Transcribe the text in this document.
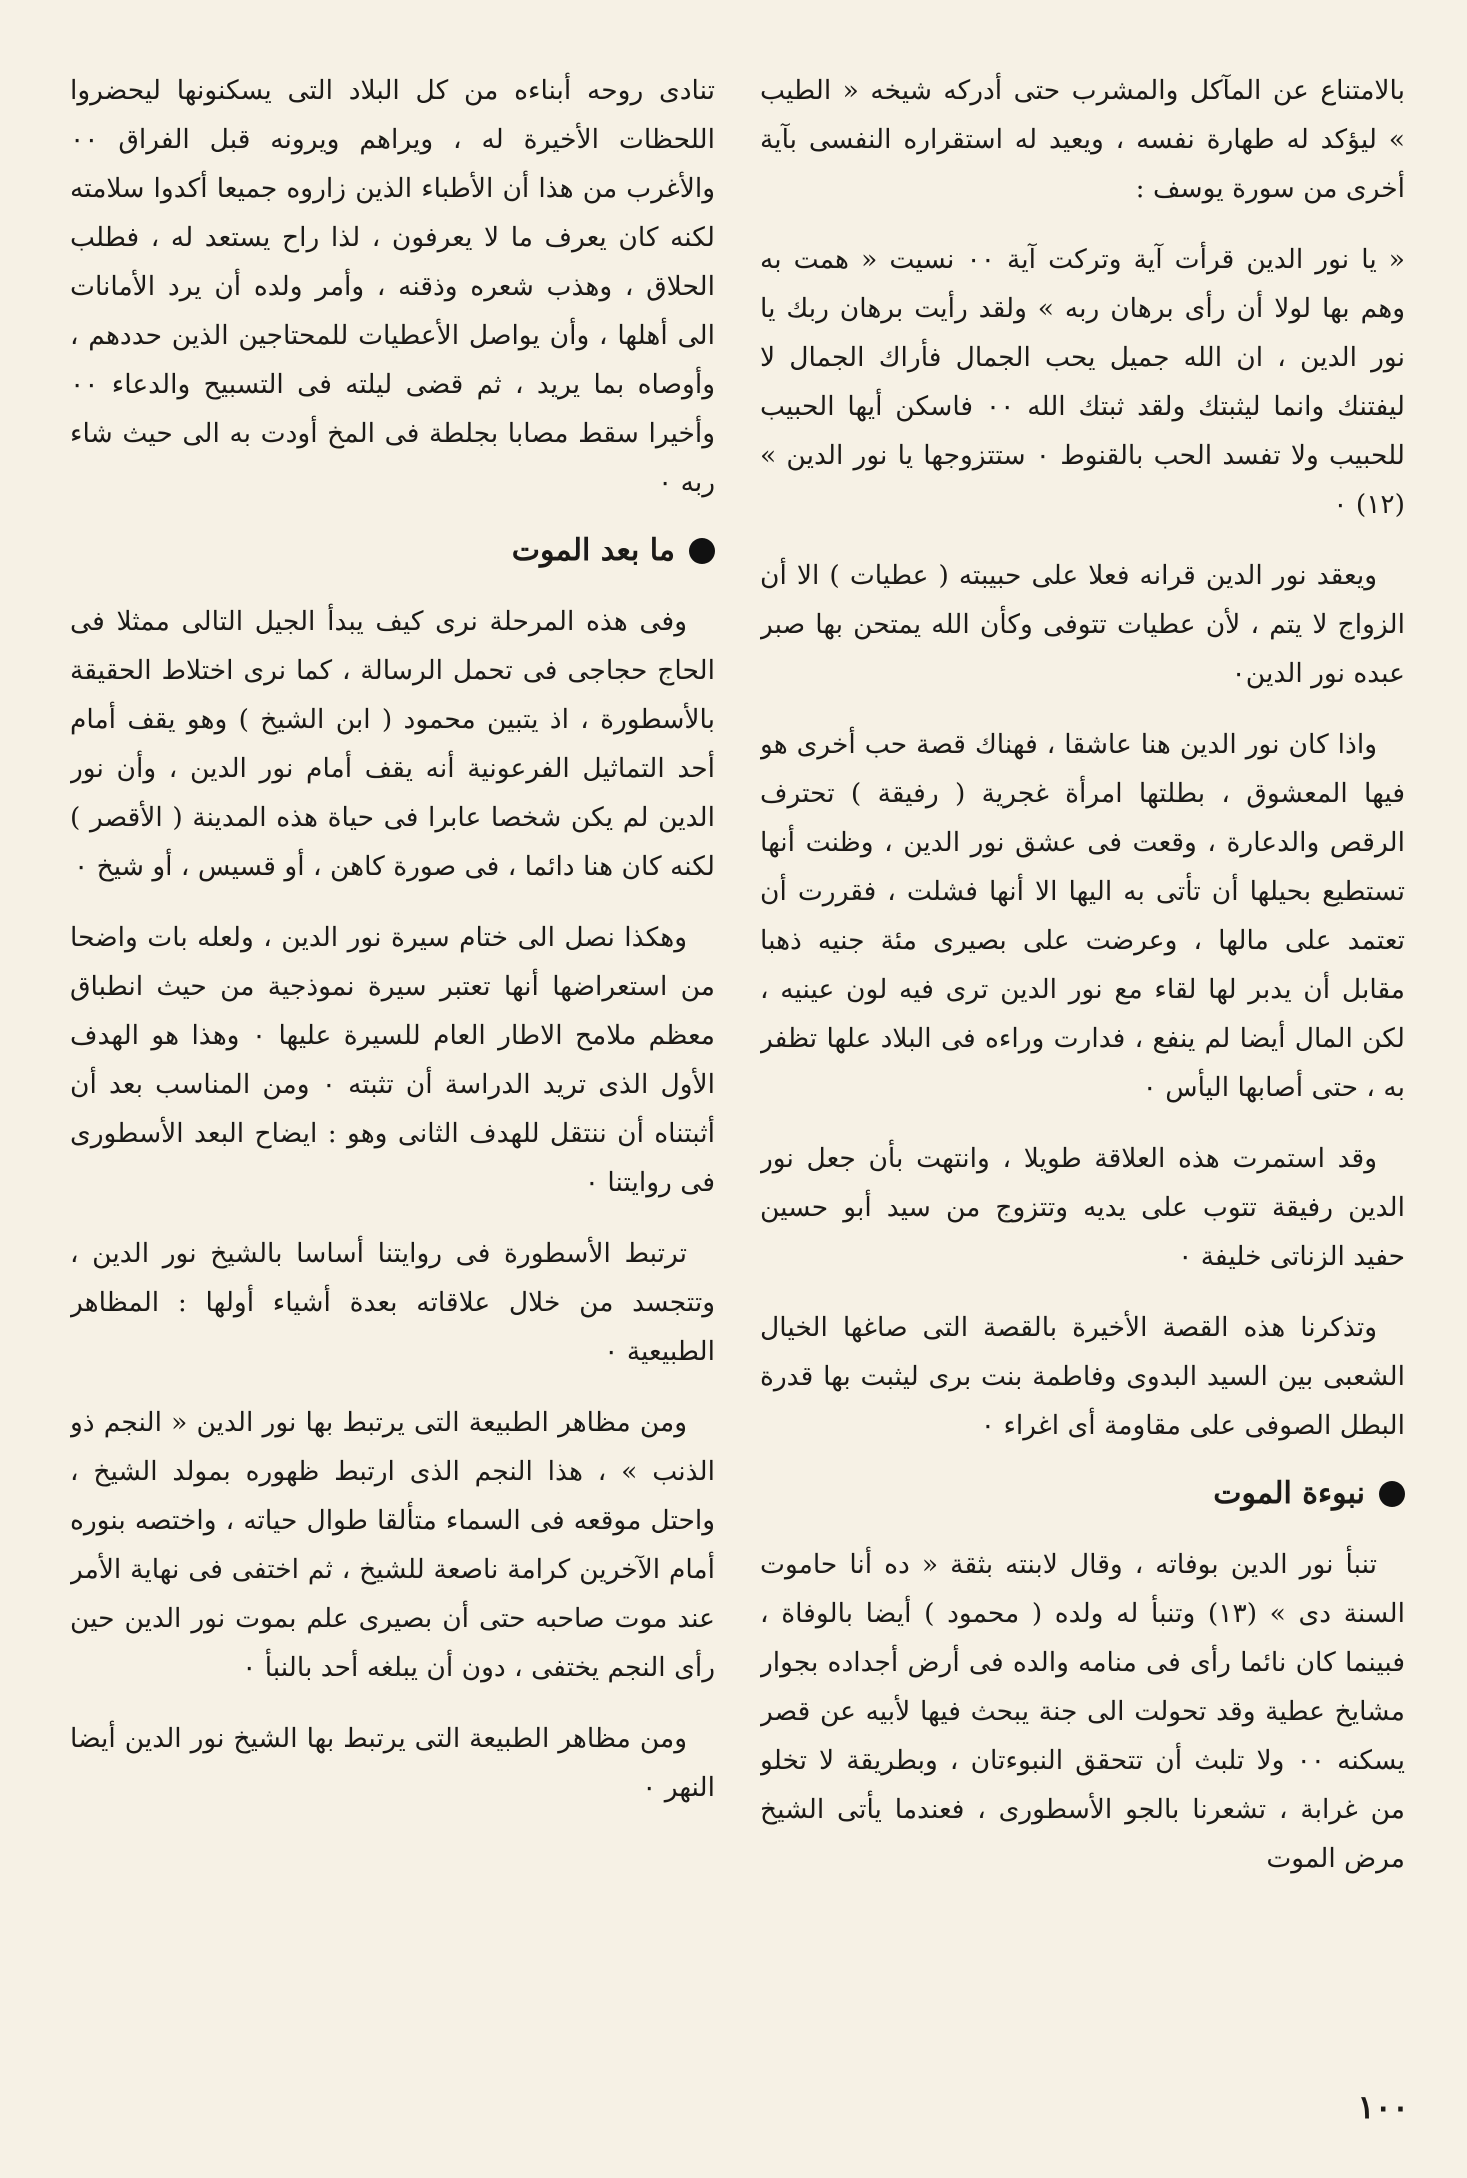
بالامتناع عن المآكل والمشرب حتى أدركه شيخه « الطيب » ليؤكد له طهارة نفسه ، ويعيد له استقراره النفسى بآية أخرى من سورة يوسف :

« يا نور الدين قرأت آية وتركت آية ٠٠ نسيت « همت به وهم بها لولا أن رأى برهان ربه » ولقد رأيت برهان ربك يا نور الدين ، ان الله جميل يحب الجمال فأراك الجمال لا ليفتنك وانما ليثبتك ولقد ثبتك الله ٠٠ فاسكن أيها الحبيب للحبيب ولا تفسد الحب بالقنوط ٠ ستتزوجها يا نور الدين » (١٢) ٠

ويعقد نور الدين قرانه فعلا على حبيبته ( عطيات ) الا أن الزواج لا يتم ، لأن عطيات تتوفى وكأن الله يمتحن بها صبر عبده نور الدين٠

واذا كان نور الدين هنا عاشقا ، فهناك قصة حب أخرى هو فيها المعشوق ، بطلتها امرأة غجرية ( رفيقة ) تحترف الرقص والدعارة ، وقعت فى عشق نور الدين ، وظنت أنها تستطيع بحيلها أن تأتى به اليها الا أنها فشلت ، فقررت أن تعتمد على مالها ، وعرضت على بصيرى مئة جنيه ذهبا مقابل أن يدبر لها لقاء مع نور الدين ترى فيه لون عينيه ، لكن المال أيضا لم ينفع ، فدارت وراءه فى البلاد علها تظفر به ، حتى أصابها اليأس ٠

وقد استمرت هذه العلاقة طويلا ، وانتهت بأن جعل نور الدين رفيقة تتوب على يديه وتتزوج من سيد أبو حسين حفيد الزناتى خليفة ٠

وتذكرنا هذه القصة الأخيرة بالقصة التى صاغها الخيال الشعبى بين السيد البدوى وفاطمة بنت برى ليثبت بها قدرة البطل الصوفى على مقاومة أى اغراء ٠

نبوءة الموت

تنبأ نور الدين بوفاته ، وقال لابنته بثقة « ده أنا حاموت السنة دى » (١٣) وتنبأ له ولده ( محمود ) أيضا بالوفاة ، فبينما كان نائما رأى فى منامه والده فى أرض أجداده بجوار مشايخ عطية وقد تحولت الى جنة يبحث فيها لأبيه عن قصر يسكنه ٠٠ ولا تلبث أن تتحقق النبوءتان ، وبطريقة لا تخلو من غرابة ، تشعرنا بالجو الأسطورى ، فعندما يأتى الشيخ مرض الموت

تنادى روحه أبناءه من كل البلاد التى يسكنونها ليحضروا اللحظات الأخيرة له ، ويراهم ويرونه قبل الفراق ٠٠ والأغرب من هذا أن الأطباء الذين زاروه جميعا أكدوا سلامته لكنه كان يعرف ما لا يعرفون ، لذا راح يستعد له ، فطلب الحلاق ، وهذب شعره وذقنه ، وأمر ولده أن يرد الأمانات الى أهلها ، وأن يواصل الأعطيات للمحتاجين الذين حددهم ، وأوصاه بما يريد ، ثم قضى ليلته فى التسبيح والدعاء ٠٠ وأخيرا سقط مصابا بجلطة فى المخ أودت به الى حيث شاء ربه ٠

ما بعد الموت

وفى هذه المرحلة نرى كيف يبدأ الجيل التالى ممثلا فى الحاج حجاجى فى تحمل الرسالة ، كما نرى اختلاط الحقيقة بالأسطورة ، اذ يتبين محمود ( ابن الشيخ ) وهو يقف أمام أحد التماثيل الفرعونية أنه يقف أمام نور الدين ، وأن نور الدين لم يكن شخصا عابرا فى حياة هذه المدينة ( الأقصر ) لكنه كان هنا دائما ، فى صورة كاهن ، أو قسيس ، أو شيخ ٠

وهكذا نصل الى ختام سيرة نور الدين ، ولعله بات واضحا من استعراضها أنها تعتبر سيرة نموذجية من حيث انطباق معظم ملامح الاطار العام للسيرة عليها ٠ وهذا هو الهدف الأول الذى تريد الدراسة أن تثبته ٠ ومن المناسب بعد أن أثبتناه أن ننتقل للهدف الثانى وهو : ايضاح البعد الأسطورى فى روايتنا ٠

ترتبط الأسطورة فى روايتنا أساسا بالشيخ نور الدين ، وتتجسد من خلال علاقاته بعدة أشياء أولها : المظاهر الطبيعية ٠

ومن مظاهر الطبيعة التى يرتبط بها نور الدين « النجم ذو الذنب » ، هذا النجم الذى ارتبط ظهوره بمولد الشيخ ، واحتل موقعه فى السماء متألقا طوال حياته ، واختصه بنوره أمام الآخرين كرامة ناصعة للشيخ ، ثم اختفى فى نهاية الأمر عند موت صاحبه حتى أن بصيرى علم بموت نور الدين حين رأى النجم يختفى ، دون أن يبلغه أحد بالنبأ ٠

ومن مظاهر الطبيعة التى يرتبط بها الشيخ نور الدين أيضا النهر ٠

١٠٠
